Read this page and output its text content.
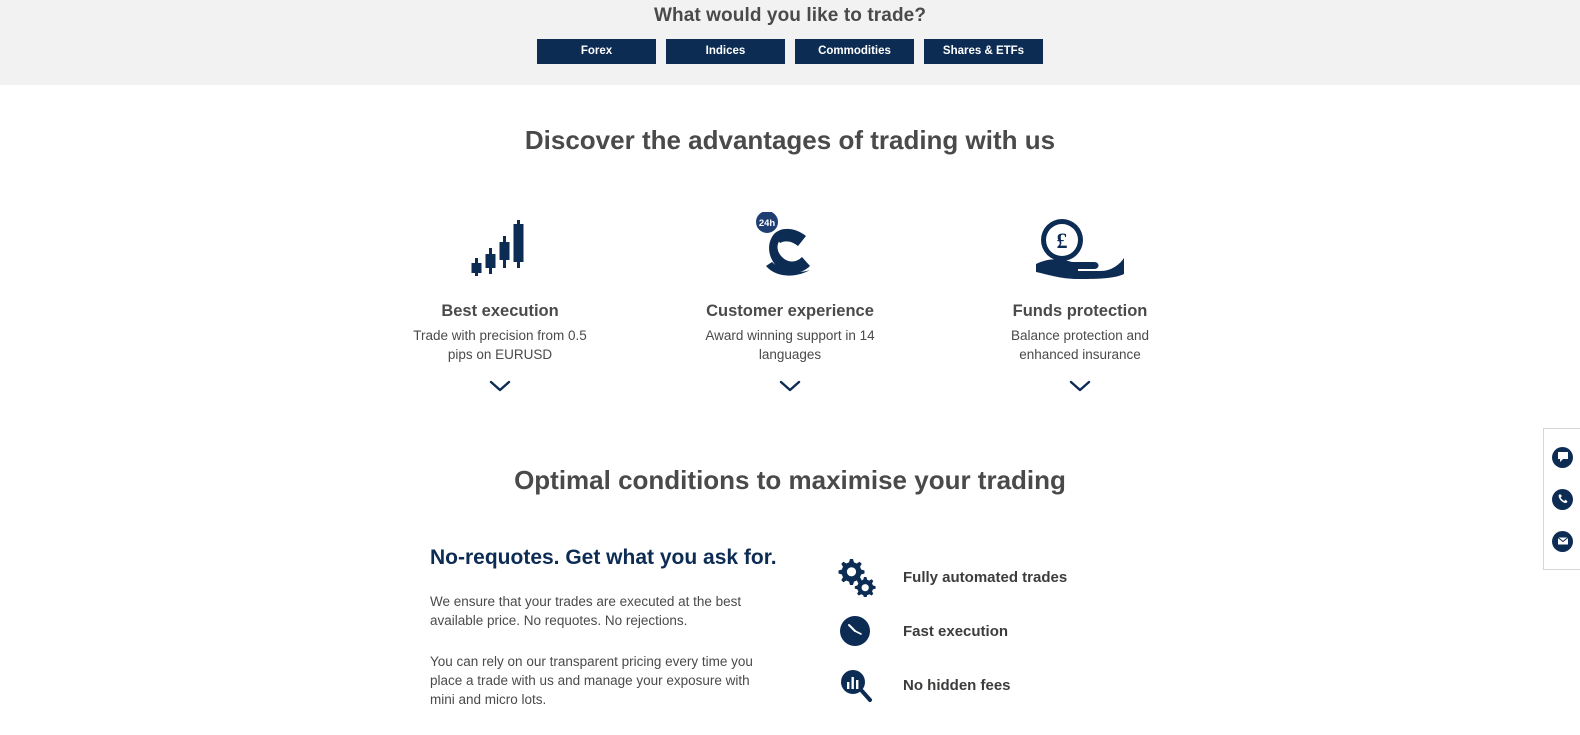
What would you like to trade?
Forex	Indices	Commodities	Shares & ETFs
Discover the advantages of trading with us
Best execution
Trade with precision from 0.5 pips on EURUSD
24h
Customer experience
Award winning support in 14 languages
£
Funds protection
Balance protection and enhanced insurance
Optimal conditions to maximise your trading
No-requotes. Get what you ask for.

We ensure that your trades are executed at the best available price. No requotes. No rejections.

You can rely on our transparent pricing every time you place a trade with us and manage your exposure with mini and micro lots.

Fully automated trades
Fast execution
No hidden fees
